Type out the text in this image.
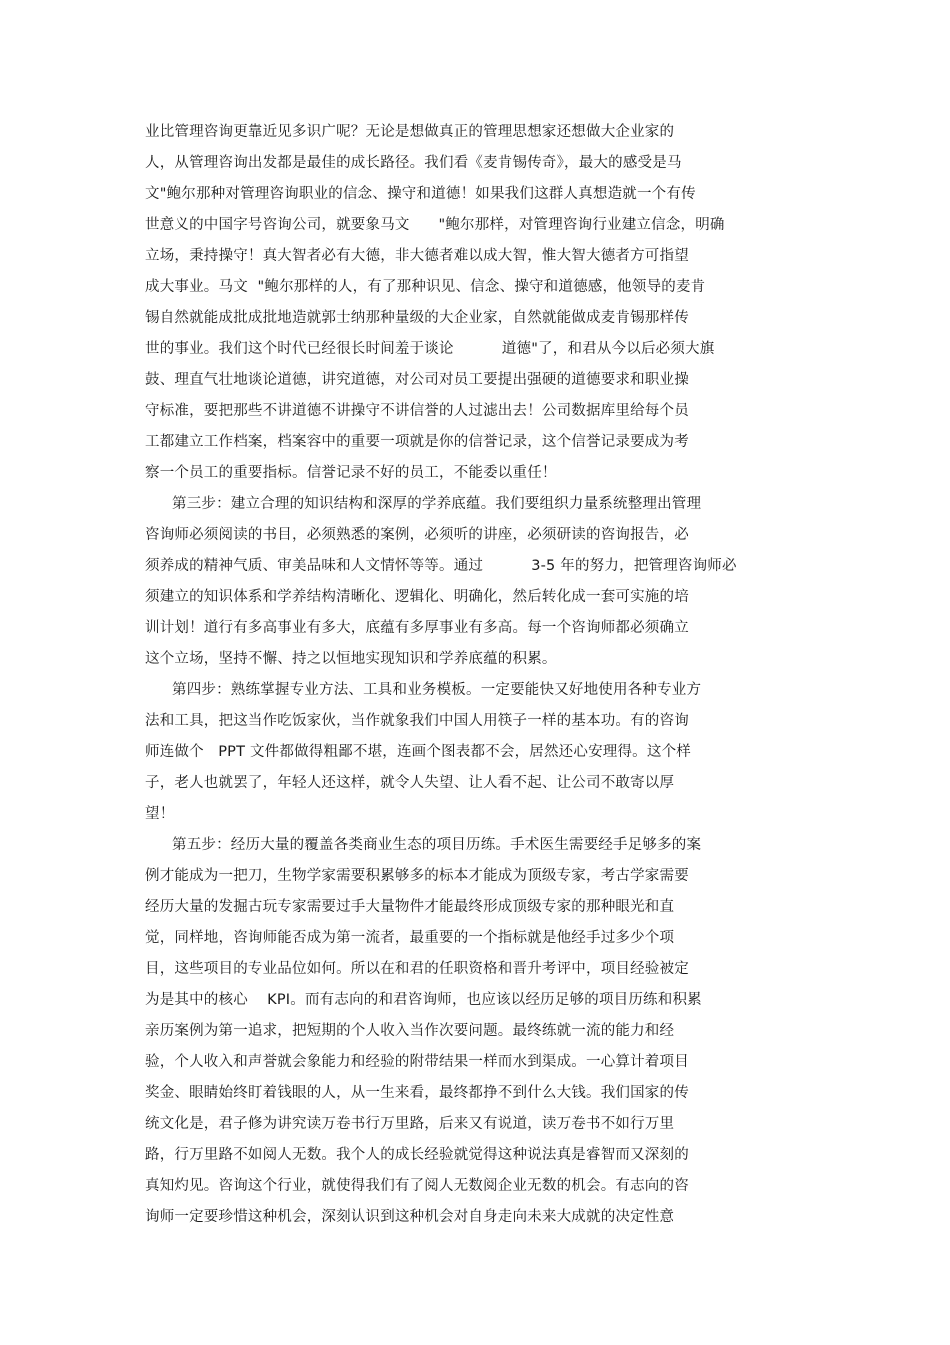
业比管理咨询更靠近见多识广呢？无论是想做真正的管理思想家还想做大企业家的
人，从管理咨询出发都是最佳的成长路径。我们看《麦肯锡传奇》，最大的感受是马
文"鲍尔那种对管理咨询职业的信念、操守和道德！如果我们这群人真想造就一个有传
世意义的中国字号咨询公司，就要象马文      "鲍尔那样，对管理咨询行业建立信念，明确
立场，秉持操守！真大智者必有大德，非大德者难以成大智，惟大智大德者方可指望
成大事业。马文  "鲍尔那样的人，有了那种识见、信念、操守和道德感，他领导的麦肯
锡自然就能成批成批地造就郭士纳那种量级的大企业家，自然就能做成麦肯锡那样传
世的事业。我们这个时代已经很长时间羞于谈论          道德"了，和君从今以后必须大旗
鼓、理直气壮地谈论道德，讲究道德，对公司对员工要提出强硬的道德要求和职业操
守标准，要把那些不讲道德不讲操守不讲信誉的人过滤出去！公司数据库里给每个员
工都建立工作档案，档案容中的重要一项就是你的信誉记录，这个信誉记录要成为考
察一个员工的重要指标。信誉记录不好的员工，不能委以重任！
第三步：建立合理的知识结构和深厚的学养底蕴。我们要组织力量系统整理出管理
咨询师必须阅读的书目，必须熟悉的案例，必须听的讲座，必须研读的咨询报告，必
须养成的精神气质、审美品味和人文情怀等等。通过          3-5 年的努力，把管理咨询师必
须建立的知识体系和学养结构清晰化、逻辑化、明确化，然后转化成一套可实施的培
训计划！道行有多高事业有多大，底蕴有多厚事业有多高。每一个咨询师都必须确立
这个立场，坚持不懈、持之以恒地实现知识和学养底蕴的积累。
第四步：熟练掌握专业方法、工具和业务模板。一定要能快又好地使用各种专业方
法和工具，把这当作吃饭家伙，当作就象我们中国人用筷子一样的基本功。有的咨询
师连做个   PPT 文件都做得粗鄙不堪，连画个图表都不会，居然还心安理得。这个样
子，老人也就罢了，年轻人还这样，就令人失望、让人看不起、让公司不敢寄以厚
望！
第五步：经历大量的覆盖各类商业生态的项目历练。手术医生需要经手足够多的案
例才能成为一把刀，生物学家需要积累够多的标本才能成为顶级专家，考古学家需要
经历大量的发掘古玩专家需要过手大量物件才能最终形成顶级专家的那种眼光和直
觉，同样地，咨询师能否成为第一流者，最重要的一个指标就是他经手过多少个项
目，这些项目的专业品位如何。所以在和君的任职资格和晋升考评中，项目经验被定
为是其中的核心    KPI。而有志向的和君咨询师，也应该以经历足够的项目历练和积累
亲历案例为第一追求，把短期的个人收入当作次要问题。最终练就一流的能力和经
验，个人收入和声誉就会象能力和经验的附带结果一样而水到渠成。一心算计着项目
奖金、眼睛始终盯着钱眼的人，从一生来看，最终都挣不到什么大钱。我们国家的传
统文化是，君子修为讲究读万卷书行万里路，后来又有说道，读万卷书不如行万里
路，行万里路不如阅人无数。我个人的成长经验就觉得这种说法真是睿智而又深刻的
真知灼见。咨询这个行业，就使得我们有了阅人无数阅企业无数的机会。有志向的咨
询师一定要珍惜这种机会，深刻认识到这种机会对自身走向未来大成就的决定性意
